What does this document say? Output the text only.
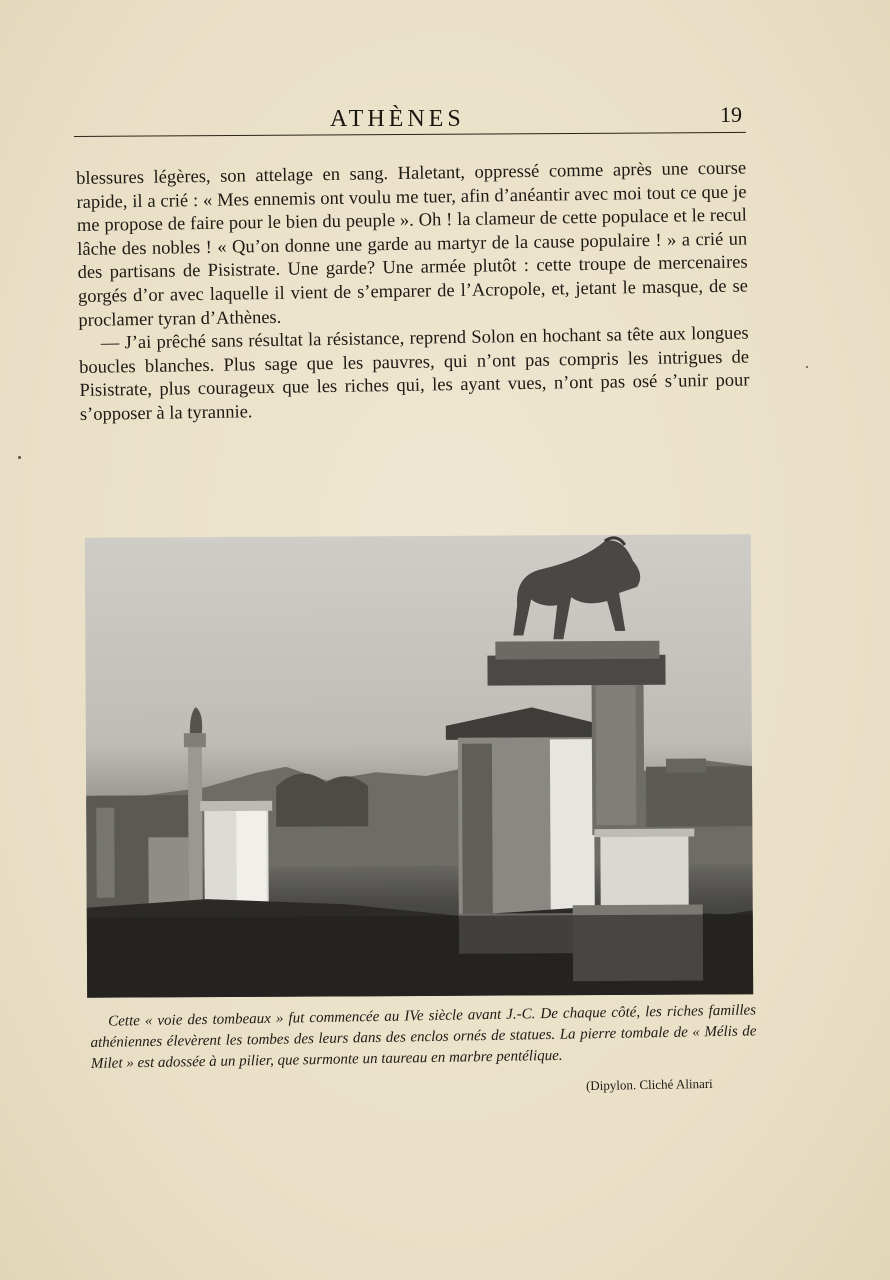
ATHÈNES	19

blessures légères, son attelage en sang. Haletant, oppressé comme après une course rapide, il a crié : « Mes ennemis ont voulu me tuer, afin d’anéantir avec moi tout ce que je me propose de faire pour le bien du peuple ». Oh ! la clameur de cette populace et le recul lâche des nobles ! « Qu’on donne une garde au martyr de la cause populaire ! » a crié un des partisans de Pisistrate. Une garde? Une armée plutôt : cette troupe de mercenaires gorgés d’or avec laquelle il vient de s’emparer de l’Acropole, et, jetant le masque, de se proclamer tyran d’Athènes.

— J’ai prêché sans résultat la résistance, reprend Solon en hochant sa tête aux longues boucles blanches. Plus sage que les pauvres, qui n’ont pas compris les intrigues de Pisistrate, plus courageux que les riches qui, les ayant vues, n’ont pas osé s’unir pour s’opposer à la tyrannie.

Cette « voie des tombeaux » fut commencée au IVe siècle avant J.-C. De chaque côté, les riches familles athéniennes élevèrent les tombes des leurs dans des enclos ornés de statues. La pierre tombale de « Mélis de Milet » est adossée à un pilier, que surmonte un taureau en marbre pentélique.

(Dipylon. Cliché Alinari
